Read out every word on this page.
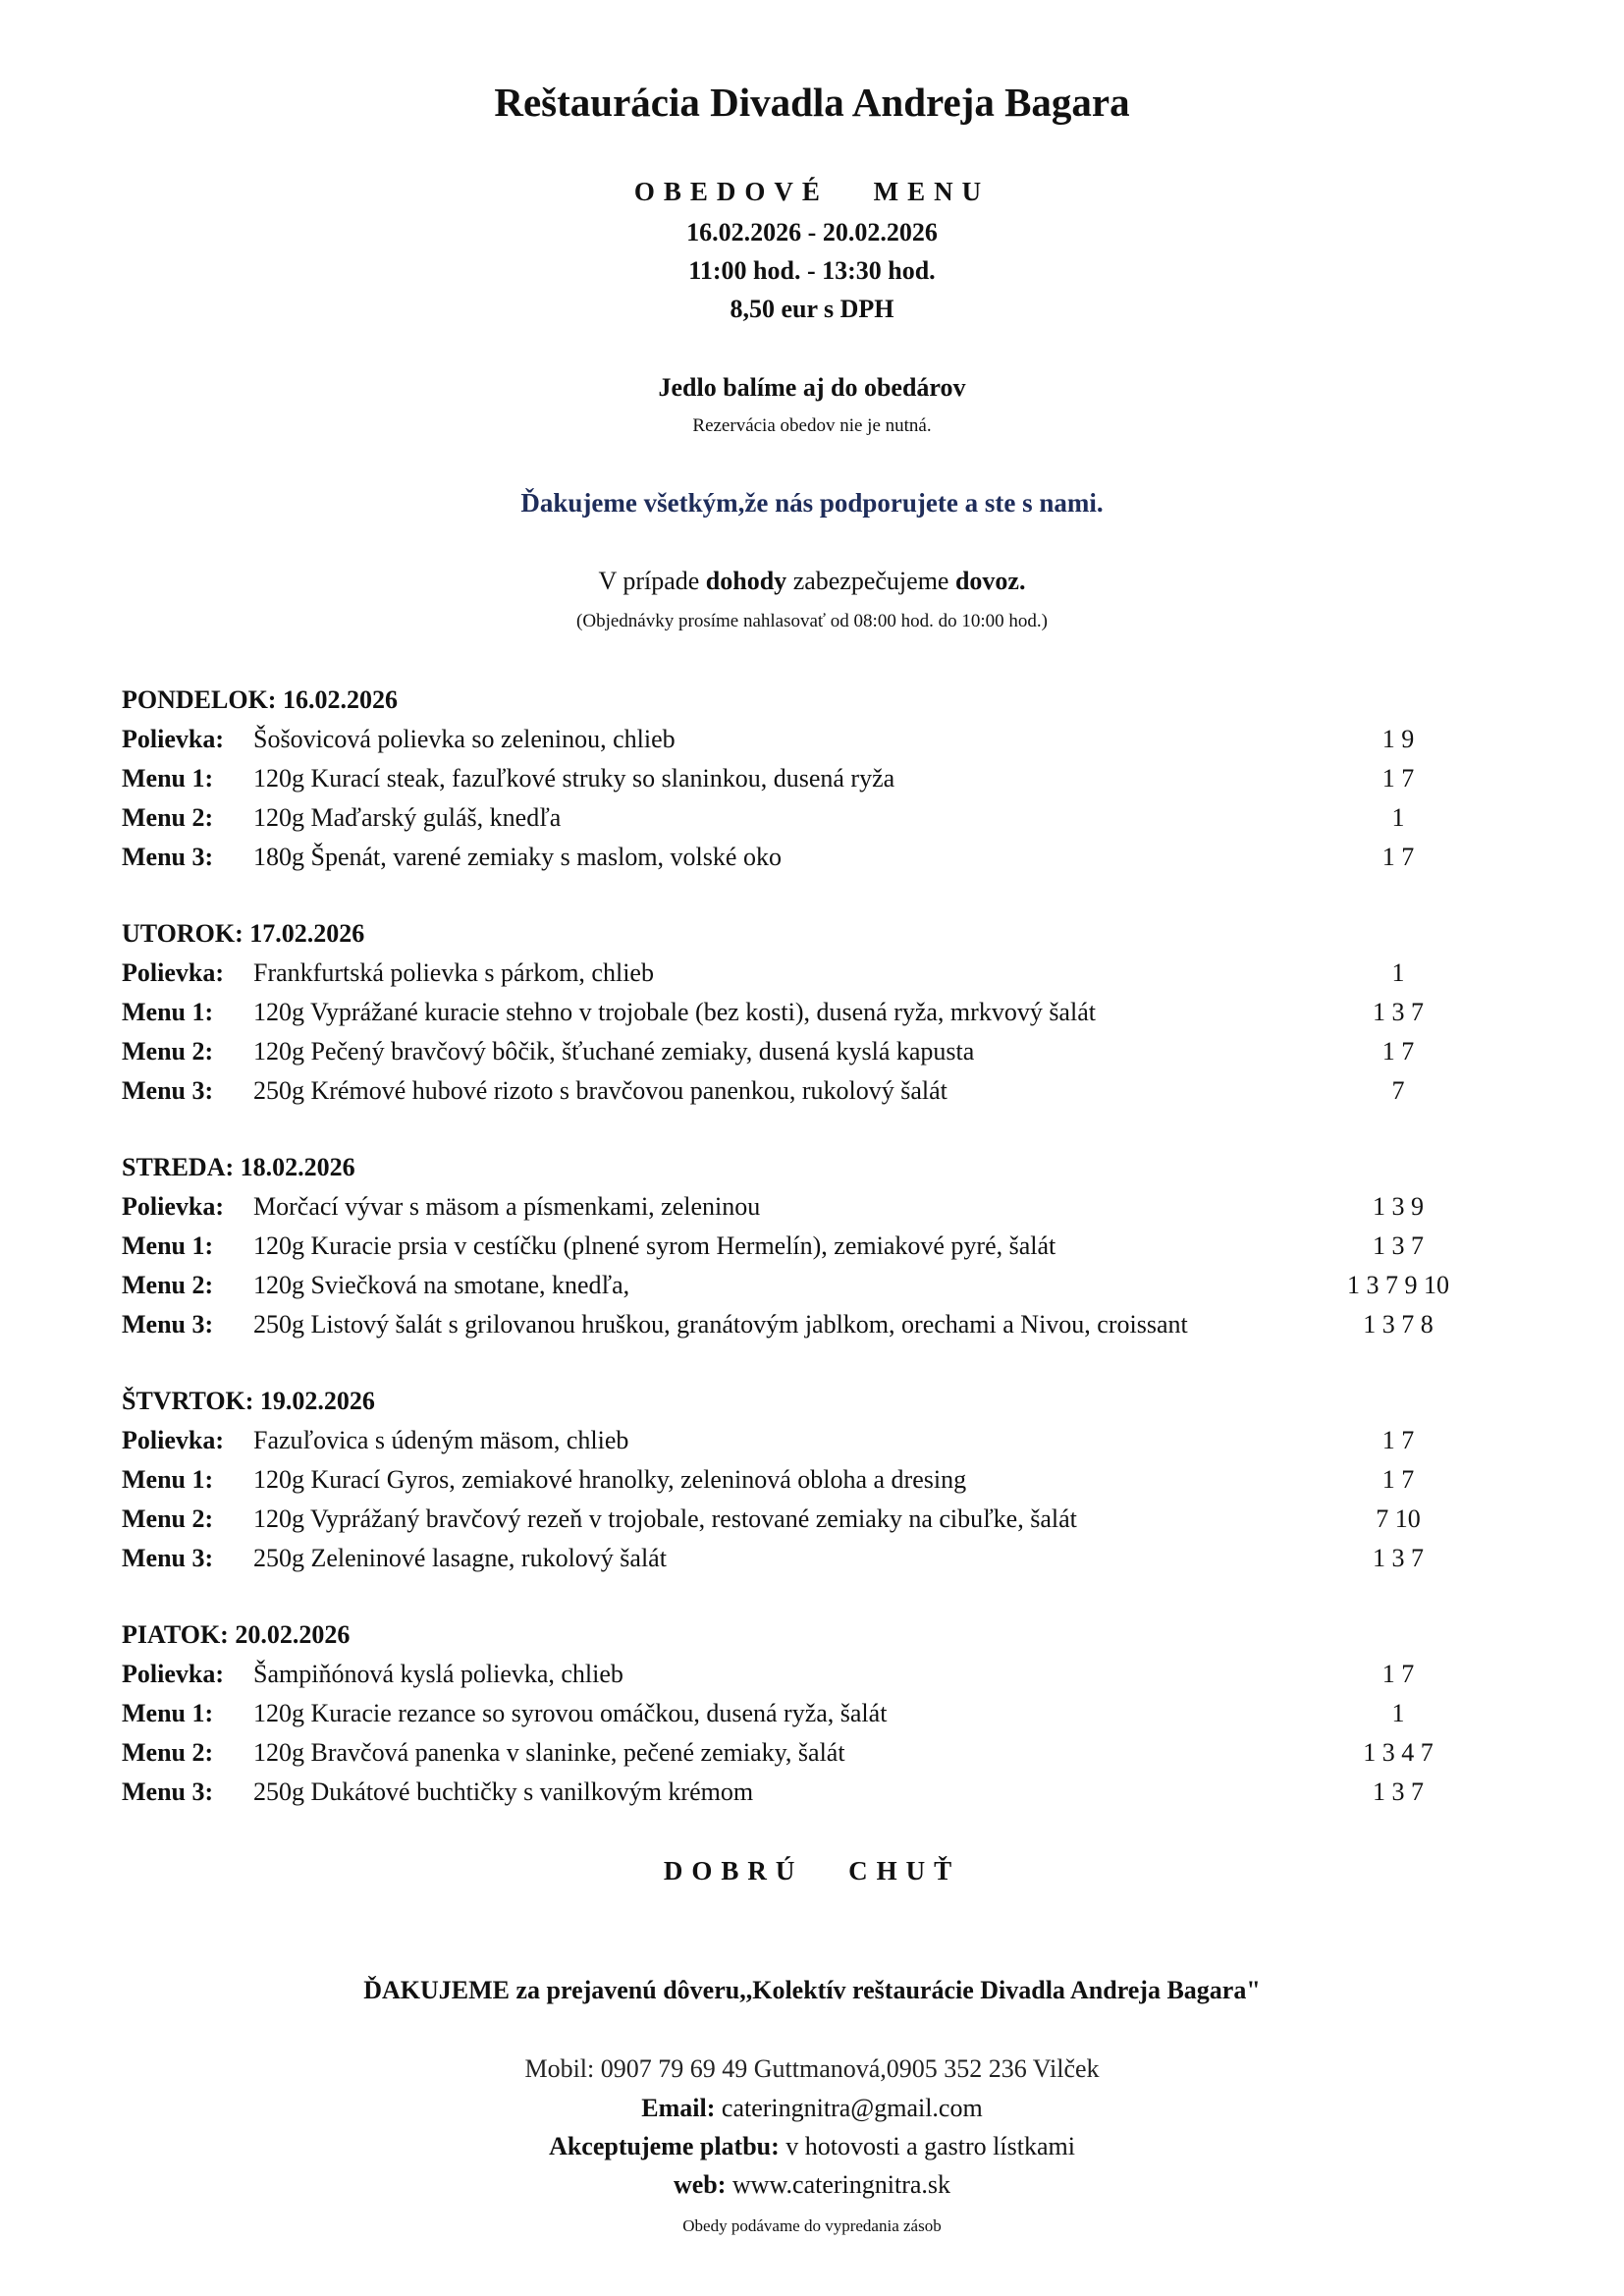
Reštaurácia Divadla Andreja Bagara
OBEDOVÉ MENU
16.02.2026 - 20.02.2026
11:00 hod. - 13:30 hod.
8,50 eur s DPH
Jedlo balíme aj do obedárov
Rezervácia obedov nie je nutná.
Ďakujeme všetkým,že nás podporujete a ste s nami.
V prípade dohody zabezpečujeme dovoz.
(Objednávky prosíme nahlasovať od 08:00 hod. do 10:00 hod.)
PONDELOK: 16.02.2026
Polievka: Šošovicová polievka so zeleninou, chlieb	1 9
Menu 1: 120g Kurací steak, fazuľkové struky so slaninkou, dusená ryža	1 7
Menu 2: 120g Maďarský guláš, knedľa	1
Menu 3: 180g Špenát, varené zemiaky s maslom, volské oko	1 7
UTOROK: 17.02.2026
Polievka: Frankfurtská polievka s párkom, chlieb	1
Menu 1: 120g Vyprážané kuracie stehno v trojobale (bez kosti), dusená ryža, mrkvový šalát	1 3 7
Menu 2: 120g Pečený bravčový bôčik, šťuchané zemiaky, dusená kyslá kapusta	1 7
Menu 3: 250g Krémové hubové rizoto s bravčovou panenkou, rukolový šalát	7
STREDA: 18.02.2026
Polievka: Morčací vývar s mäsom a písmenkami, zeleninou	1 3 9
Menu 1: 120g Kuracie prsia v cestíčku (plnené syrom Hermelín), zemiakové pyré, šalát	1 3 7
Menu 2: 120g Sviečková na smotane, knedľa,	1 3 7 9 10
Menu 3: 250g Listový šalát s grilovanou hruškou, granátovým jablkom, orechami a Nivou, croissant	1 3 7 8
ŠTVRTOK: 19.02.2026
Polievka: Fazuľovica s údeným mäsom, chlieb	1 7
Menu 1: 120g Kurací Gyros, zemiakové hranolky, zeleninová obloha a dresing	1 7
Menu 2: 120g Vyprážaný bravčový rezeň v trojobale, restované zemiaky na cibuľke, šalát	7 10
Menu 3: 250g Zeleninové lasagne, rukolový šalát	1 3 7
PIATOK: 20.02.2026
Polievka: Šampiňónová kyslá polievka, chlieb	1 7
Menu 1: 120g Kuracie rezance so syrovou omáčkou, dusená ryža, šalát	1
Menu 2: 120g Bravčová panenka v slaninke, pečené zemiaky, šalát	1 3 4 7
Menu 3: 250g Dukátové buchtičky s vanilkovým krémom	1 3 7
DOBRÚ CHUŤ
ĎAKUJEME za prejavenú dôveru,,Kolektív reštaurácie Divadla Andreja Bagara"
Mobil: 0907 79 69 49 Guttmanová,0905 352 236 Vilček
Email: cateringnitra@gmail.com
Akceptujeme platbu: v hotovosti a gastro lístkami
web: www.cateringnitra.sk
Obedy podávame do vypredania zásob
